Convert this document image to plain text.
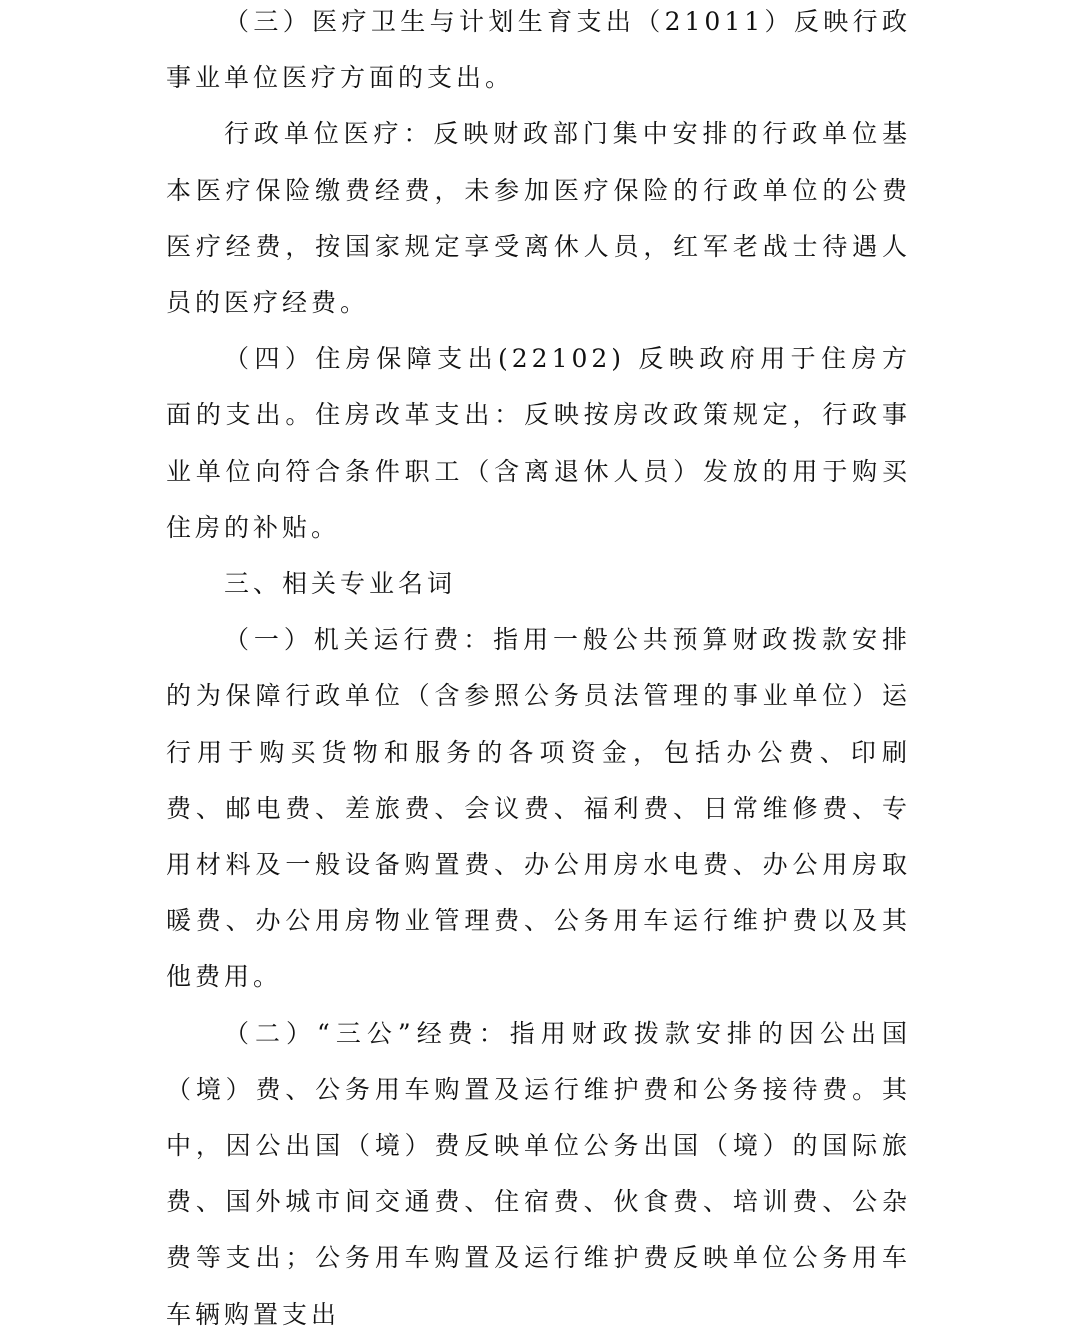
（三）医疗卫生与计划生育支出（21011）反映行政事业单位医疗方面的支出。

行政单位医疗：反映财政部门集中安排的行政单位基本医疗保险缴费经费，未参加医疗保险的行政单位的公费医疗经费，按国家规定享受离休人员，红军老战士待遇人员的医疗经费。

（四）住房保障支出(22102) 反映政府用于住房方面的支出。住房改革支出：反映按房改政策规定，行政事业单位向符合条件职工（含离退休人员）发放的用于购买住房的补贴。

三、相关专业名词

（一）机关运行费：指用一般公共预算财政拨款安排的为保障行政单位（含参照公务员法管理的事业单位）运行用于购买货物和服务的各项资金，包括办公费、印刷费、邮电费、差旅费、会议费、福利费、日常维修费、专用材料及一般设备购置费、办公用房水电费、办公用房取暖费、办公用房物业管理费、公务用车运行维护费以及其他费用。

（二）“三公”经费：指用财政拨款安排的因公出国（境）费、公务用车购置及运行维护费和公务接待费。其中，因公出国（境）费反映单位公务出国（境）的国际旅费、国外城市间交通费、住宿费、伙食费、培训费、公杂费等支出；公务用车购置及运行维护费反映单位公务用车车辆购置支出
